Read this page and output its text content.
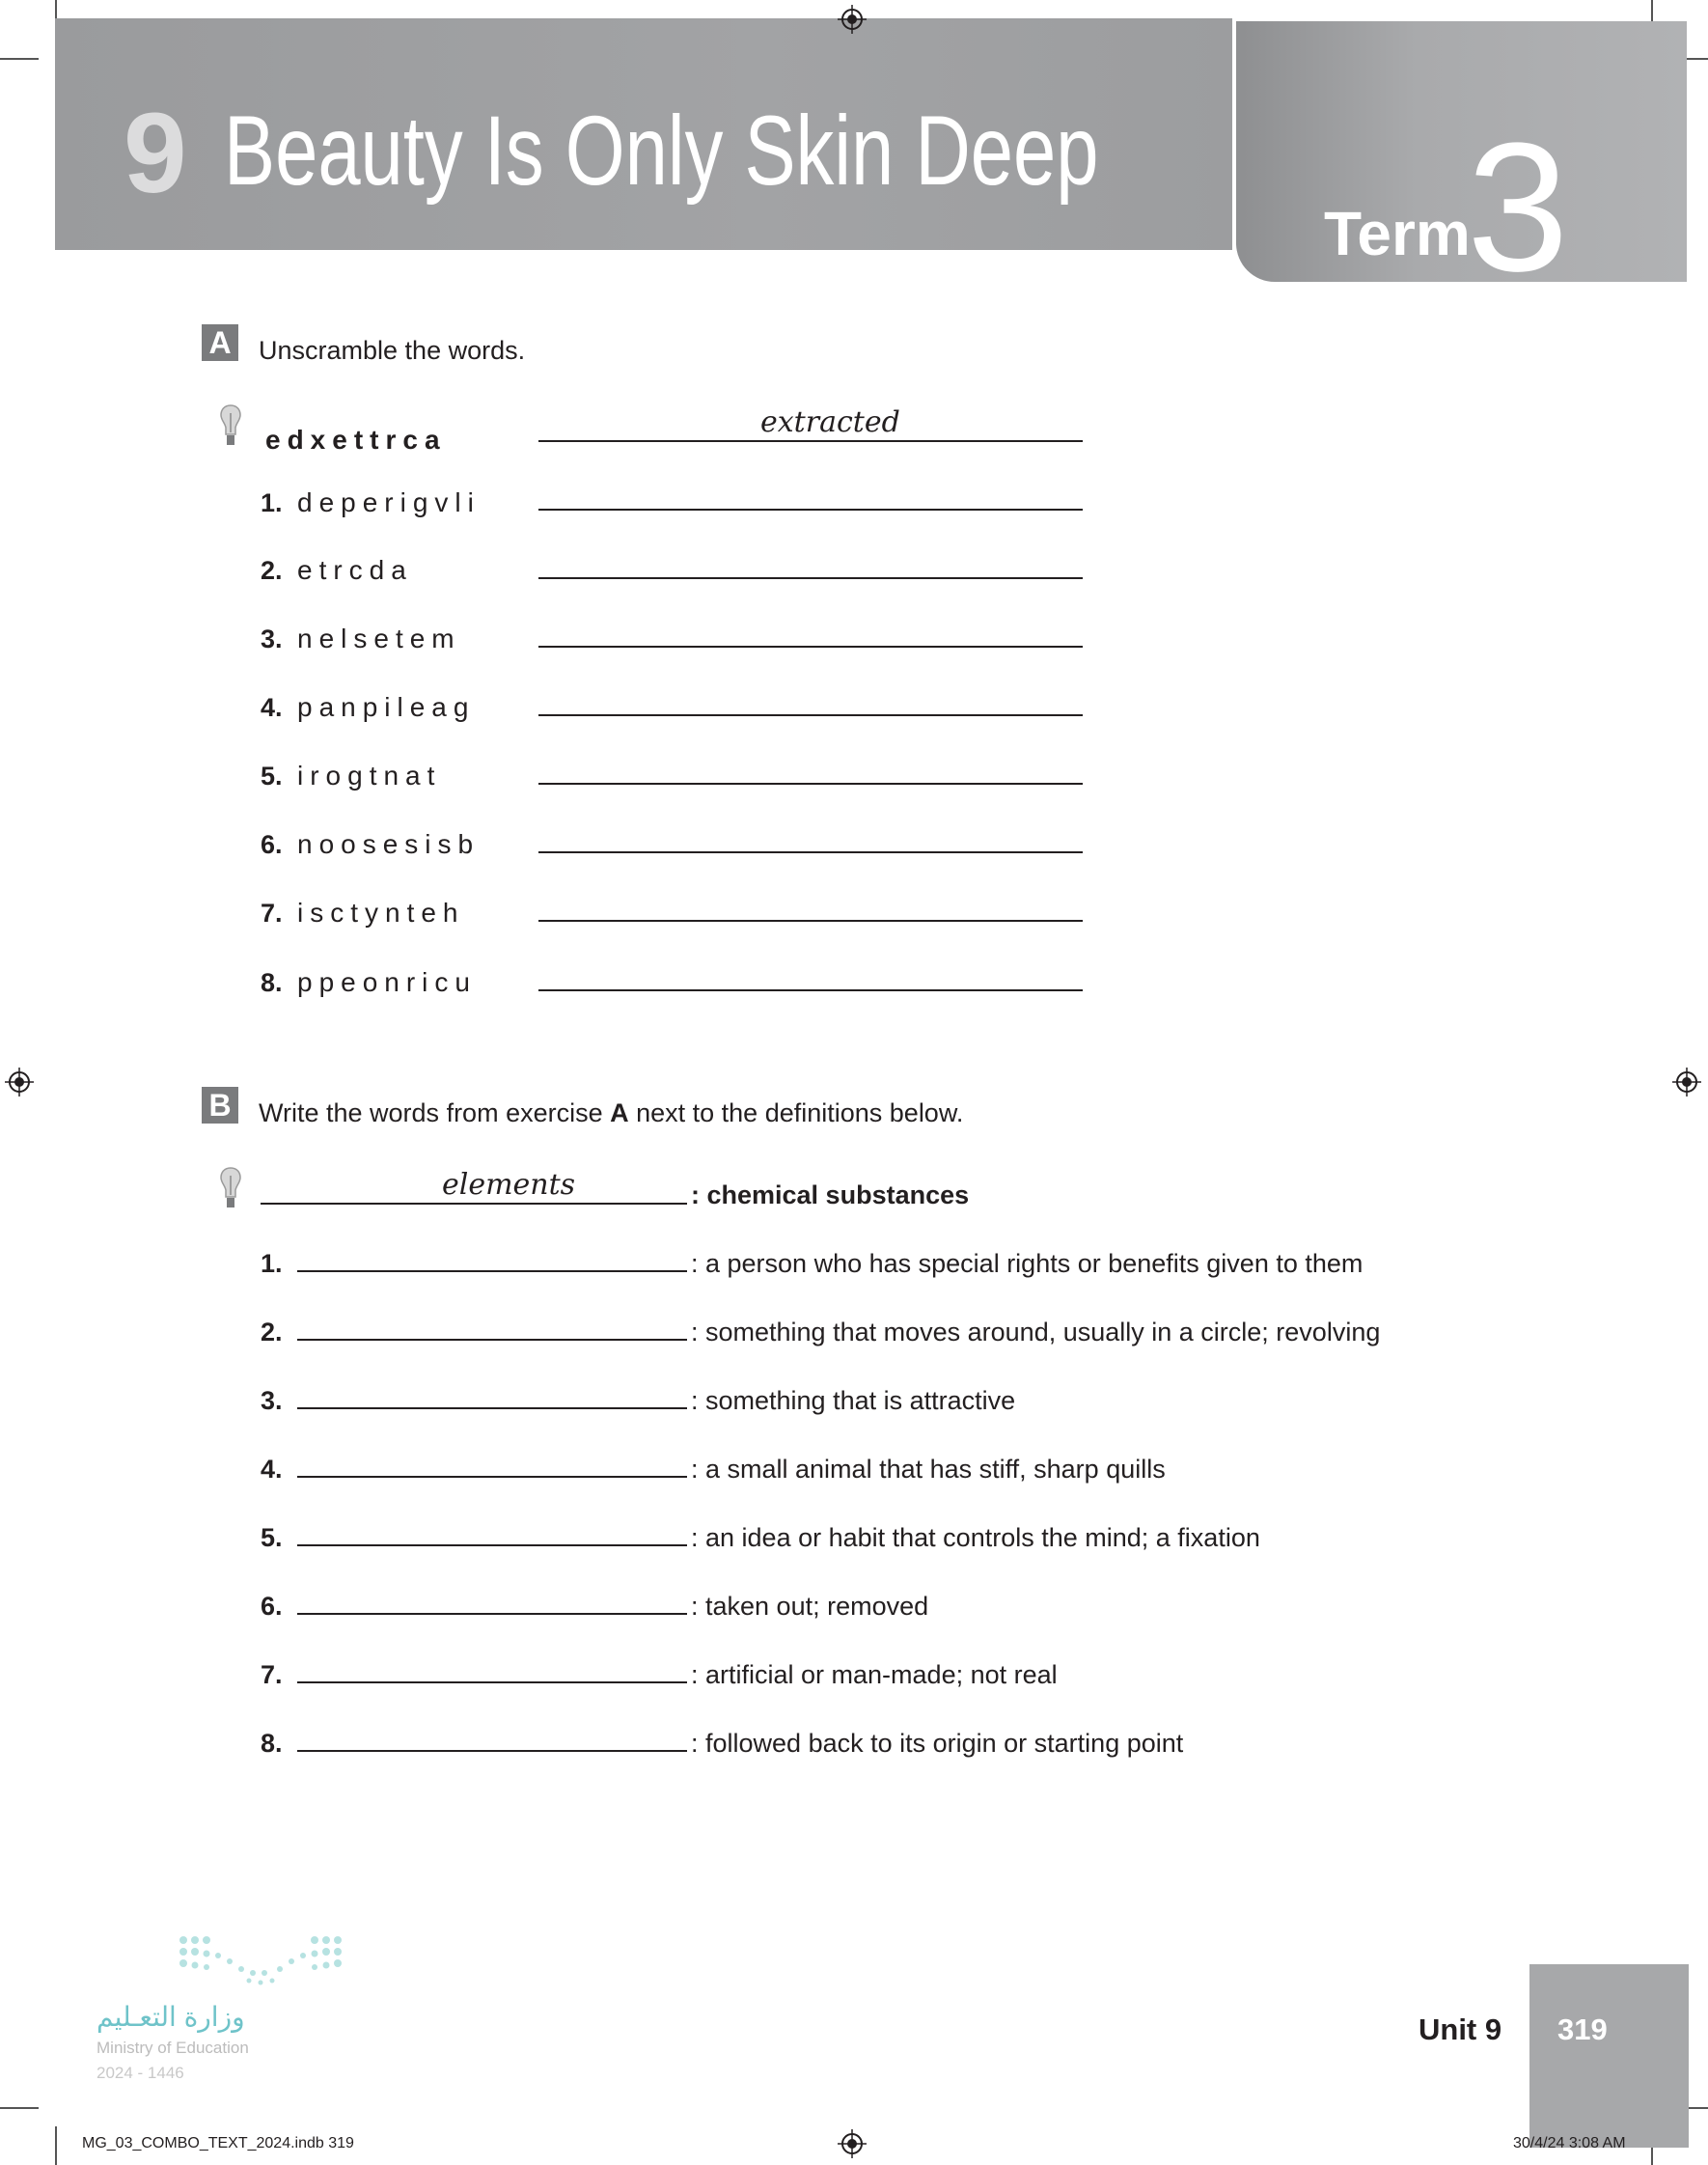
9 Beauty Is Only Skin Deep
Term
3
A Unscramble the words.
edxettrca
extracted
1. deperigvli
2. etrcda
3. nelsetem
4. panpileag
5. irogtnat
6. noosesisb
7. isctynteh
8. ppeonricu
B Write the words from exercise A next to the definitions below.
elements	: chemical substances
1.	: a person who has special rights or benefits given to them
2.	: something that moves around, usually in a circle; revolving
3.	: something that is attractive
4.	: a small animal that has stiff, sharp quills
5.	: an idea or habit that controls the mind; a fixation
6.	: taken out; removed
7.	: artificial or man-made; not real
8.	: followed back to its origin or starting point
وزارة التعـليم
Ministry of Education
2024 - 1446
Unit 9 319
MG_03_COMBO_TEXT_2024.indb 319	30/4/24 3:08 AM
